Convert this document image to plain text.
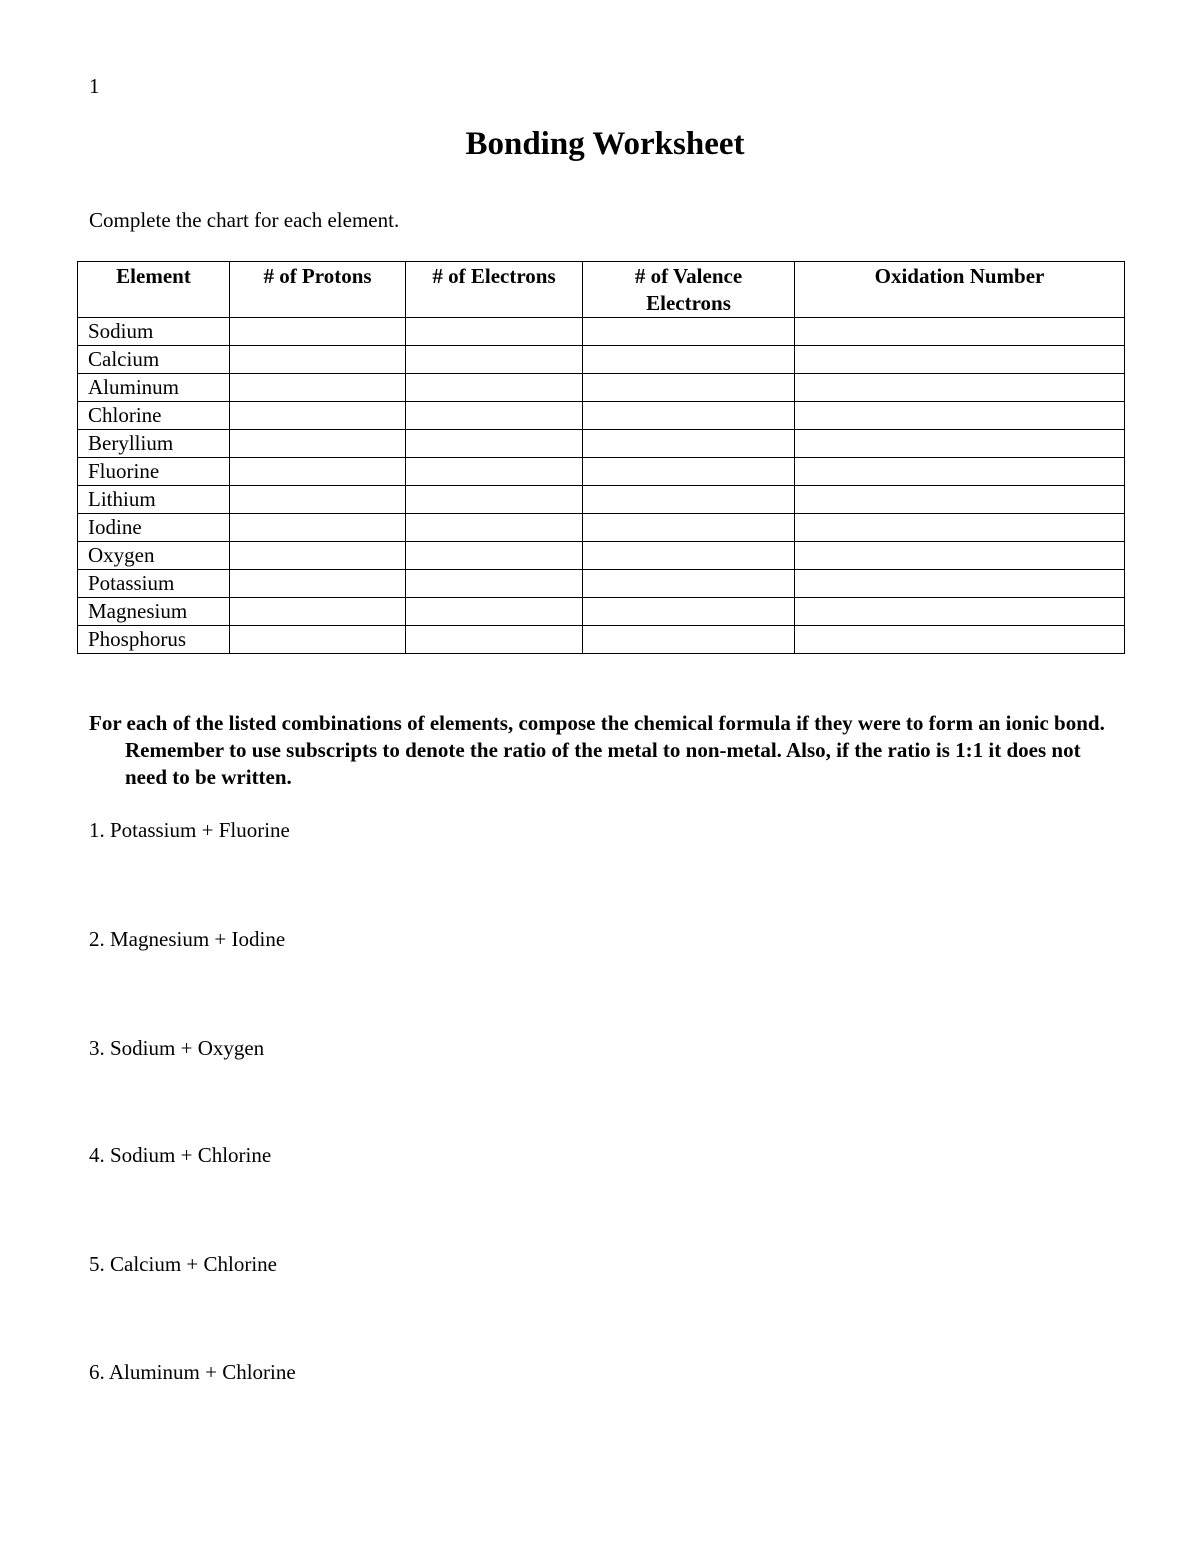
1
Bonding Worksheet
Complete the chart for each element.
Element	# of Protons	# of Electrons	# of Valence Electrons	Oxidation Number
Sodium				
Calcium				
Aluminum				
Chlorine				
Beryllium				
Fluorine				
Lithium				
Iodine				
Oxygen				
Potassium				
Magnesium				
Phosphorus				
For each of the listed combinations of elements, compose the chemical formula if they were to form an ionic bond. Remember to use subscripts to denote the ratio of the metal to non-metal. Also, if the ratio is 1:1 it does not need to be written.
1. Potassium + Fluorine
2. Magnesium + Iodine
3. Sodium + Oxygen
4. Sodium + Chlorine
5. Calcium + Chlorine
6. Aluminum + Chlorine
